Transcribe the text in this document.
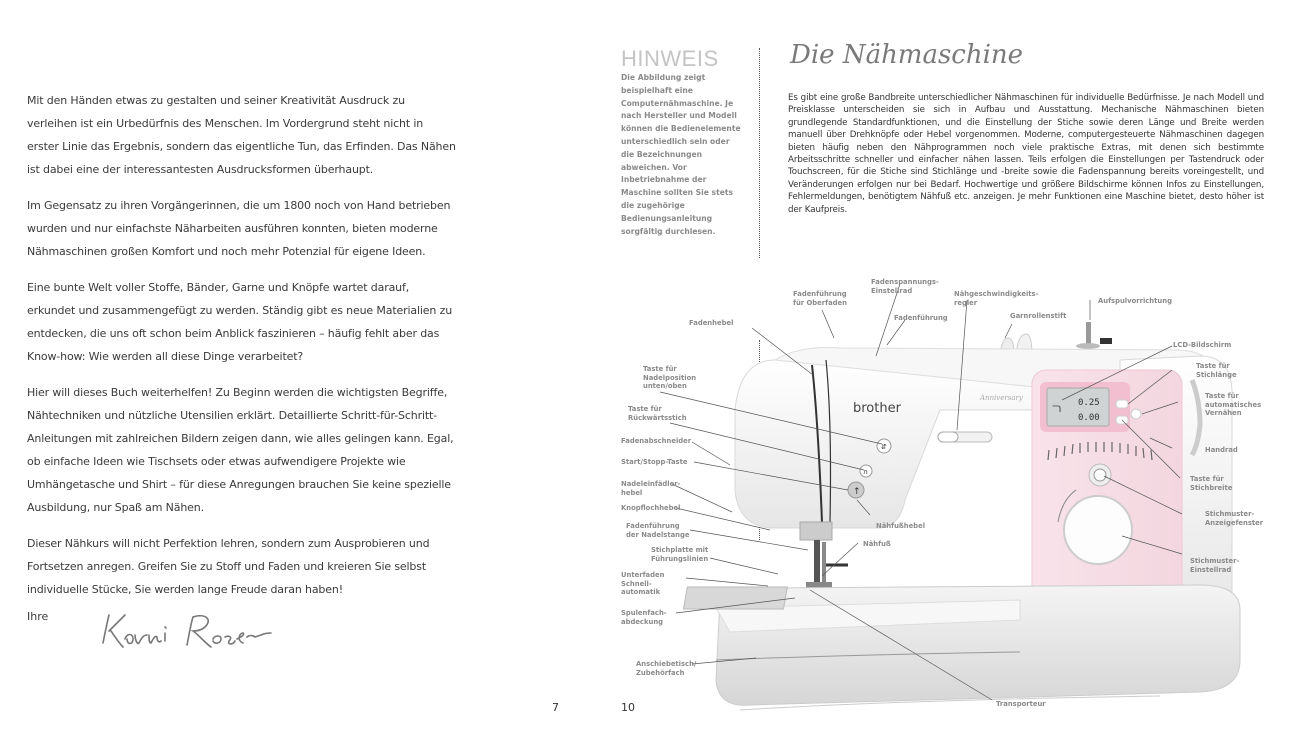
Mit den Händen etwas zu gestalten und seiner Kreativität Ausdruck zu verleihen ist ein Urbedürfnis des Menschen. Im Vordergrund steht nicht in erster Linie das Ergebnis, sondern das eigentliche Tun, das Erfinden. Das Nähen ist dabei eine der interessantesten Ausdrucksformen überhaupt.

Im Gegensatz zu ihren Vorgängerinnen, die um 1800 noch von Hand betrieben wurden und nur einfachste Näharbeiten ausführen konnten, bieten moderne Nähmaschinen großen Komfort und noch mehr Potenzial für eigene Ideen.

Eine bunte Welt voller Stoffe, Bänder, Garne und Knöpfe wartet darauf, erkundet und zusammengefügt zu werden. Ständig gibt es neue Materialien zu entdecken, die uns oft schon beim Anblick faszinieren – häufig fehlt aber das Know-how: Wie werden all diese Dinge verarbeitet?

Hier will dieses Buch weiterhelfen! Zu Beginn werden die wichtigsten Begriffe, Nähtechniken und nützliche Utensilien erklärt. Detaillierte Schritt-für-Schritt-Anleitungen mit zahlreichen Bildern zeigen dann, wie alles gelingen kann. Egal, ob einfache Ideen wie Tischsets oder etwas aufwendigere Projekte wie Umhängetasche und Shirt – für diese Anregungen brauchen Sie keine spezielle Ausbildung, nur Spaß am Nähen.

Dieser Nähkurs will nicht Perfektion lehren, sondern zum Ausprobieren und Fortsetzen anregen. Greifen Sie zu Stoff und Faden und kreieren Sie selbst individuelle Stücke, Sie werden lange Freude daran haben!

Ihre
7
HINWEIS
Die Abbildung zeigt beispielhaft eine Computernähmaschine. Je nach Hersteller und Modell können die Bedienelemente unterschiedlich sein oder die Bezeichnungen abweichen. Vor Inbetriebnahme der Maschine sollten Sie stets die zugehörige Bedienungsanleitung sorgfältig durchlesen.
Die Nähmaschine
Es gibt eine große Bandbreite unterschiedlicher Nähmaschinen für individuelle Bedürfnisse. Je nach Modell und Preisklasse unterscheiden sie sich in Aufbau und Ausstattung. Mechanische Nähmaschinen bieten grundlegende Standardfunktionen, und die Einstellung der Stiche sowie deren Länge und Breite werden manuell über Drehknöpfe oder Hebel vorgenommen. Moderne, computergesteuerte Nähmaschinen dagegen bieten häufig neben den Nähprogrammen noch viele praktische Extras, mit denen sich bestimmte Arbeitsschritte schneller und einfacher nähen lassen. Teils erfolgen die Einstellungen per Tastendruck oder Touchscreen, für die Stiche sind Stichlänge und -breite sowie die Fadenspannung bereits voreingestellt, und Veränderungen erfolgen nur bei Bedarf. Hochwertige und größere Bildschirme können Infos zu Einstellungen, Fehlermeldungen, benötigtem Nähfuß etc. anzeigen. Je mehr Funktionen eine Maschine bietet, desto höher ist der Kaufpreis.
10
ﬧ 0.25
0.00
brother
Anniversary
⇵
∩
↑
Fadenführung
für Oberfaden
Fadenspannungs-
Einstellrad	Nähgeschwindigkeits-
regler
Fadenführung	Garnrollenstift
Aufspulvorrichtung
Fadenhebel
LCD-Bildschirm
Taste für
Stichlänge
Taste für
automatisches
Vernähen
Handrad
Taste für
Stichbreite
Stichmuster-
Anzeigefenster
Stichmuster-
Einstellrad
Taste für
Nadelposition
unten/oben
Taste für
Rückwärtsstich
Fadenabschneider
Start/Stopp-Taste
Nadeleinfädler-
hebel
Knopflochhebel
Fadenführung
der Nadelstange
Nähfußhebel
Nähfuß
Stichplatte mit
Führungslinien
Unterfaden
Schnell-
automatik
Spulenfach-
abdeckung
Anschiebetisch/
Zubehörfach
Transporteur
